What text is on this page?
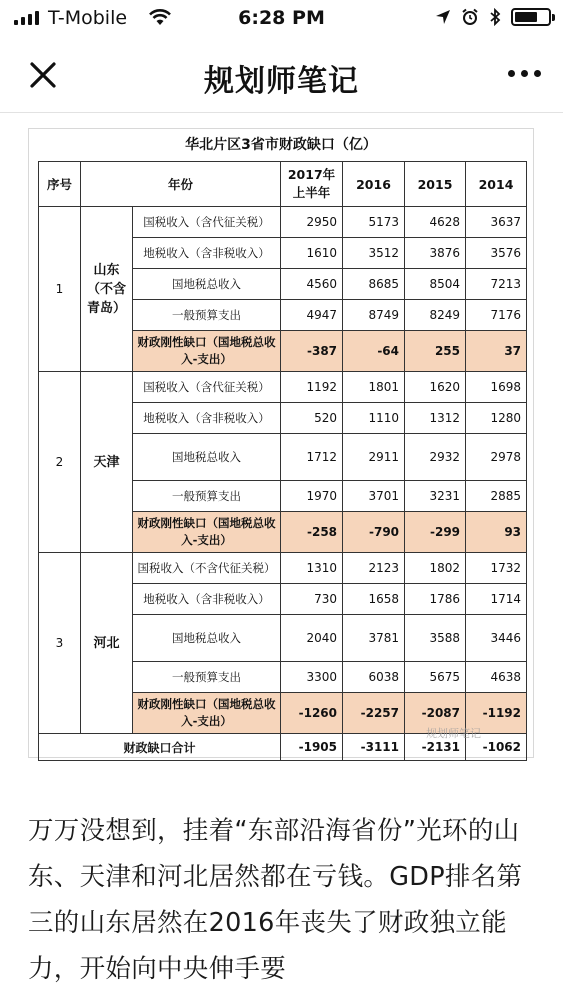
T-Mobile	6:28 PM
规划师笔记
华北片区3省市财政缺口（亿）
序号	年份		2017年上半年	2016	2015	2014
1	山东（不含青岛）	国税收入（含代征关税）	2950	5173	4628	3637
		地税收入（含非税收入）	1610	3512	3876	3576
		国地税总收入	4560	8685	8504	7213
		一般预算支出	4947	8749	8249	7176
		财政刚性缺口（国地税总收入-支出）	-387	-64	255	37
2	天津	国税收入（含代征关税）	1192	1801	1620	1698
		地税收入（含非税收入）	520	1110	1312	1280
		国地税总收入	1712	2911	2932	2978
		一般预算支出	1970	3701	3231	2885
		财政刚性缺口（国地税总收入-支出）	-258	-790	-299	93
3	河北	国税收入（不含代征关税）	1310	2123	1802	1732
		地税收入（含非税收入）	730	1658	1786	1714
		国地税总收入	2040	3781	3588	3446
		一般预算支出	3300	6038	5675	4638
		财政刚性缺口（国地税总收入-支出）	-1260	-2257	-2087	-1192
财政缺口合计			-1905	-3111	-2131	-1062
规划师笔记

万万没想到，挂着“东部沿海省份”光环的山东、天津和河北居然都在亏钱。GDP排名第三的山东居然在2016年丧失了财政独立能力，开始向中央伸手要
